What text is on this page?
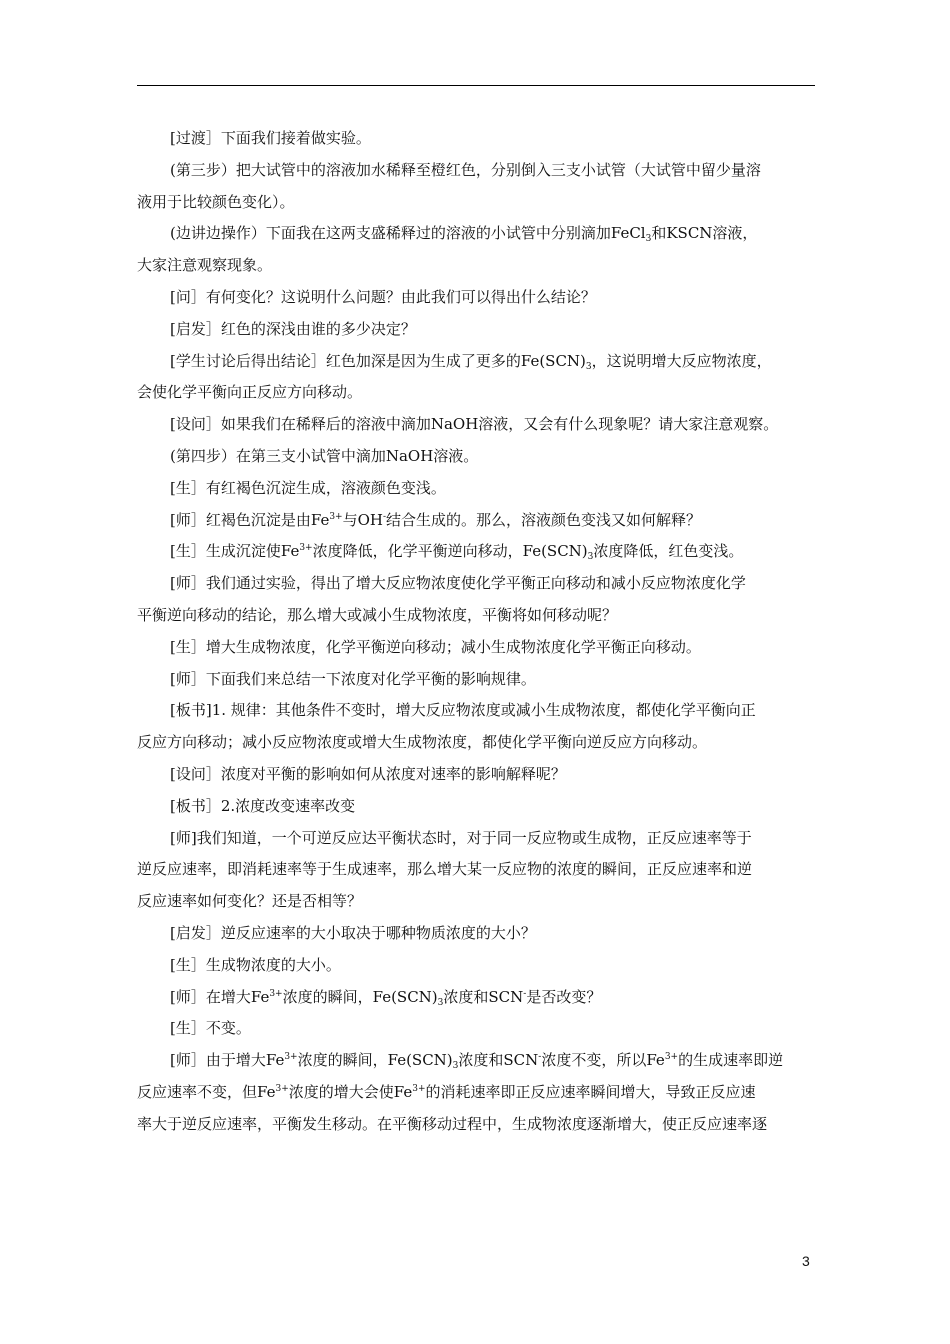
[过渡］下面我们接着做实验。

(第三步）把大试管中的溶液加水稀释至橙红色，分别倒入三支小试管（大试管中留少量溶

液用于比较颜色变化）。

(边讲边操作）下面我在这两支盛稀释过的溶液的小试管中分别滴加FeCl$_3$和KSCN溶液，

大家注意观察现象。

[问］有何变化？这说明什么问题？由此我们可以得出什么结论？

[启发］红色的深浅由谁的多少决定？

[学生讨论后得出结论］红色加深是因为生成了更多的$Fe(SCN)_3$，这说明增大反应物浓度，

会使化学平衡向正反应方向移动。

[设问］如果我们在稀释后的溶液中滴加NaOH溶液，又会有什么现象呢？请大家注意观察。

(第四步）在第三支小试管中滴加NaOH溶液。

[生］有红褐色沉淀生成，溶液颜色变浅。

[师］红褐色沉淀是由$Fe^{3+}$与OH-结合生成的。那么，溶液颜色变浅又如何解释？

[生］生成沉淀使$Fe^{3+}$浓度降低，化学平衡逆向移动，$Fe(SCN)_3$浓度降低，红色变浅。

[师］我们通过实验，得出了增大反应物浓度使化学平衡正向移动和减小反应物浓度化学

平衡逆向移动的结论，那么增大或减小生成物浓度，平衡将如何移动呢？

[生］增大生成物浓度，化学平衡逆向移动；减小生成物浓度化学平衡正向移动。

[师］下面我们来总结一下浓度对化学平衡的影响规律。

[板书]1. 规律：其他条件不变时，增大反应物浓度或减小生成物浓度，都使化学平衡向正

反应方向移动；减小反应物浓度或增大生成物浓度，都使化学平衡向逆反应方向移动。

[设问］浓度对平衡的影响如何从浓度对速率的影响解释呢？

[板书］2.浓度改变速率改变

[师]我们知道，一个可逆反应达平衡状态时，对于同一反应物或生成物，正反应速率等于

逆反应速率，即消耗速率等于生成速率，那么增大某一反应物的浓度的瞬间，正反应速率和逆

反应速率如何变化？还是否相等？

[启发］逆反应速率的大小取决于哪种物质浓度的大小？

[生］生成物浓度的大小。

[师］在增大$Fe^{3+}$浓度的瞬间，$Fe(SCN)_3$浓度和SCN-是否改变？

[生］不变。

[师］由于增大$Fe^{3+}$浓度的瞬间，$Fe(SCN)_3$浓度和SCN-浓度不变，所以$Fe^{3+}$的生成速率即逆

反应速率不变，但$Fe^{3+}$浓度的增大会使$Fe^{3+}$的消耗速率即正反应速率瞬间增大，导致正反应速

率大于逆反应速率，平衡发生移动。在平衡移动过程中，生成物浓度逐渐增大，使正反应速率逐

3
